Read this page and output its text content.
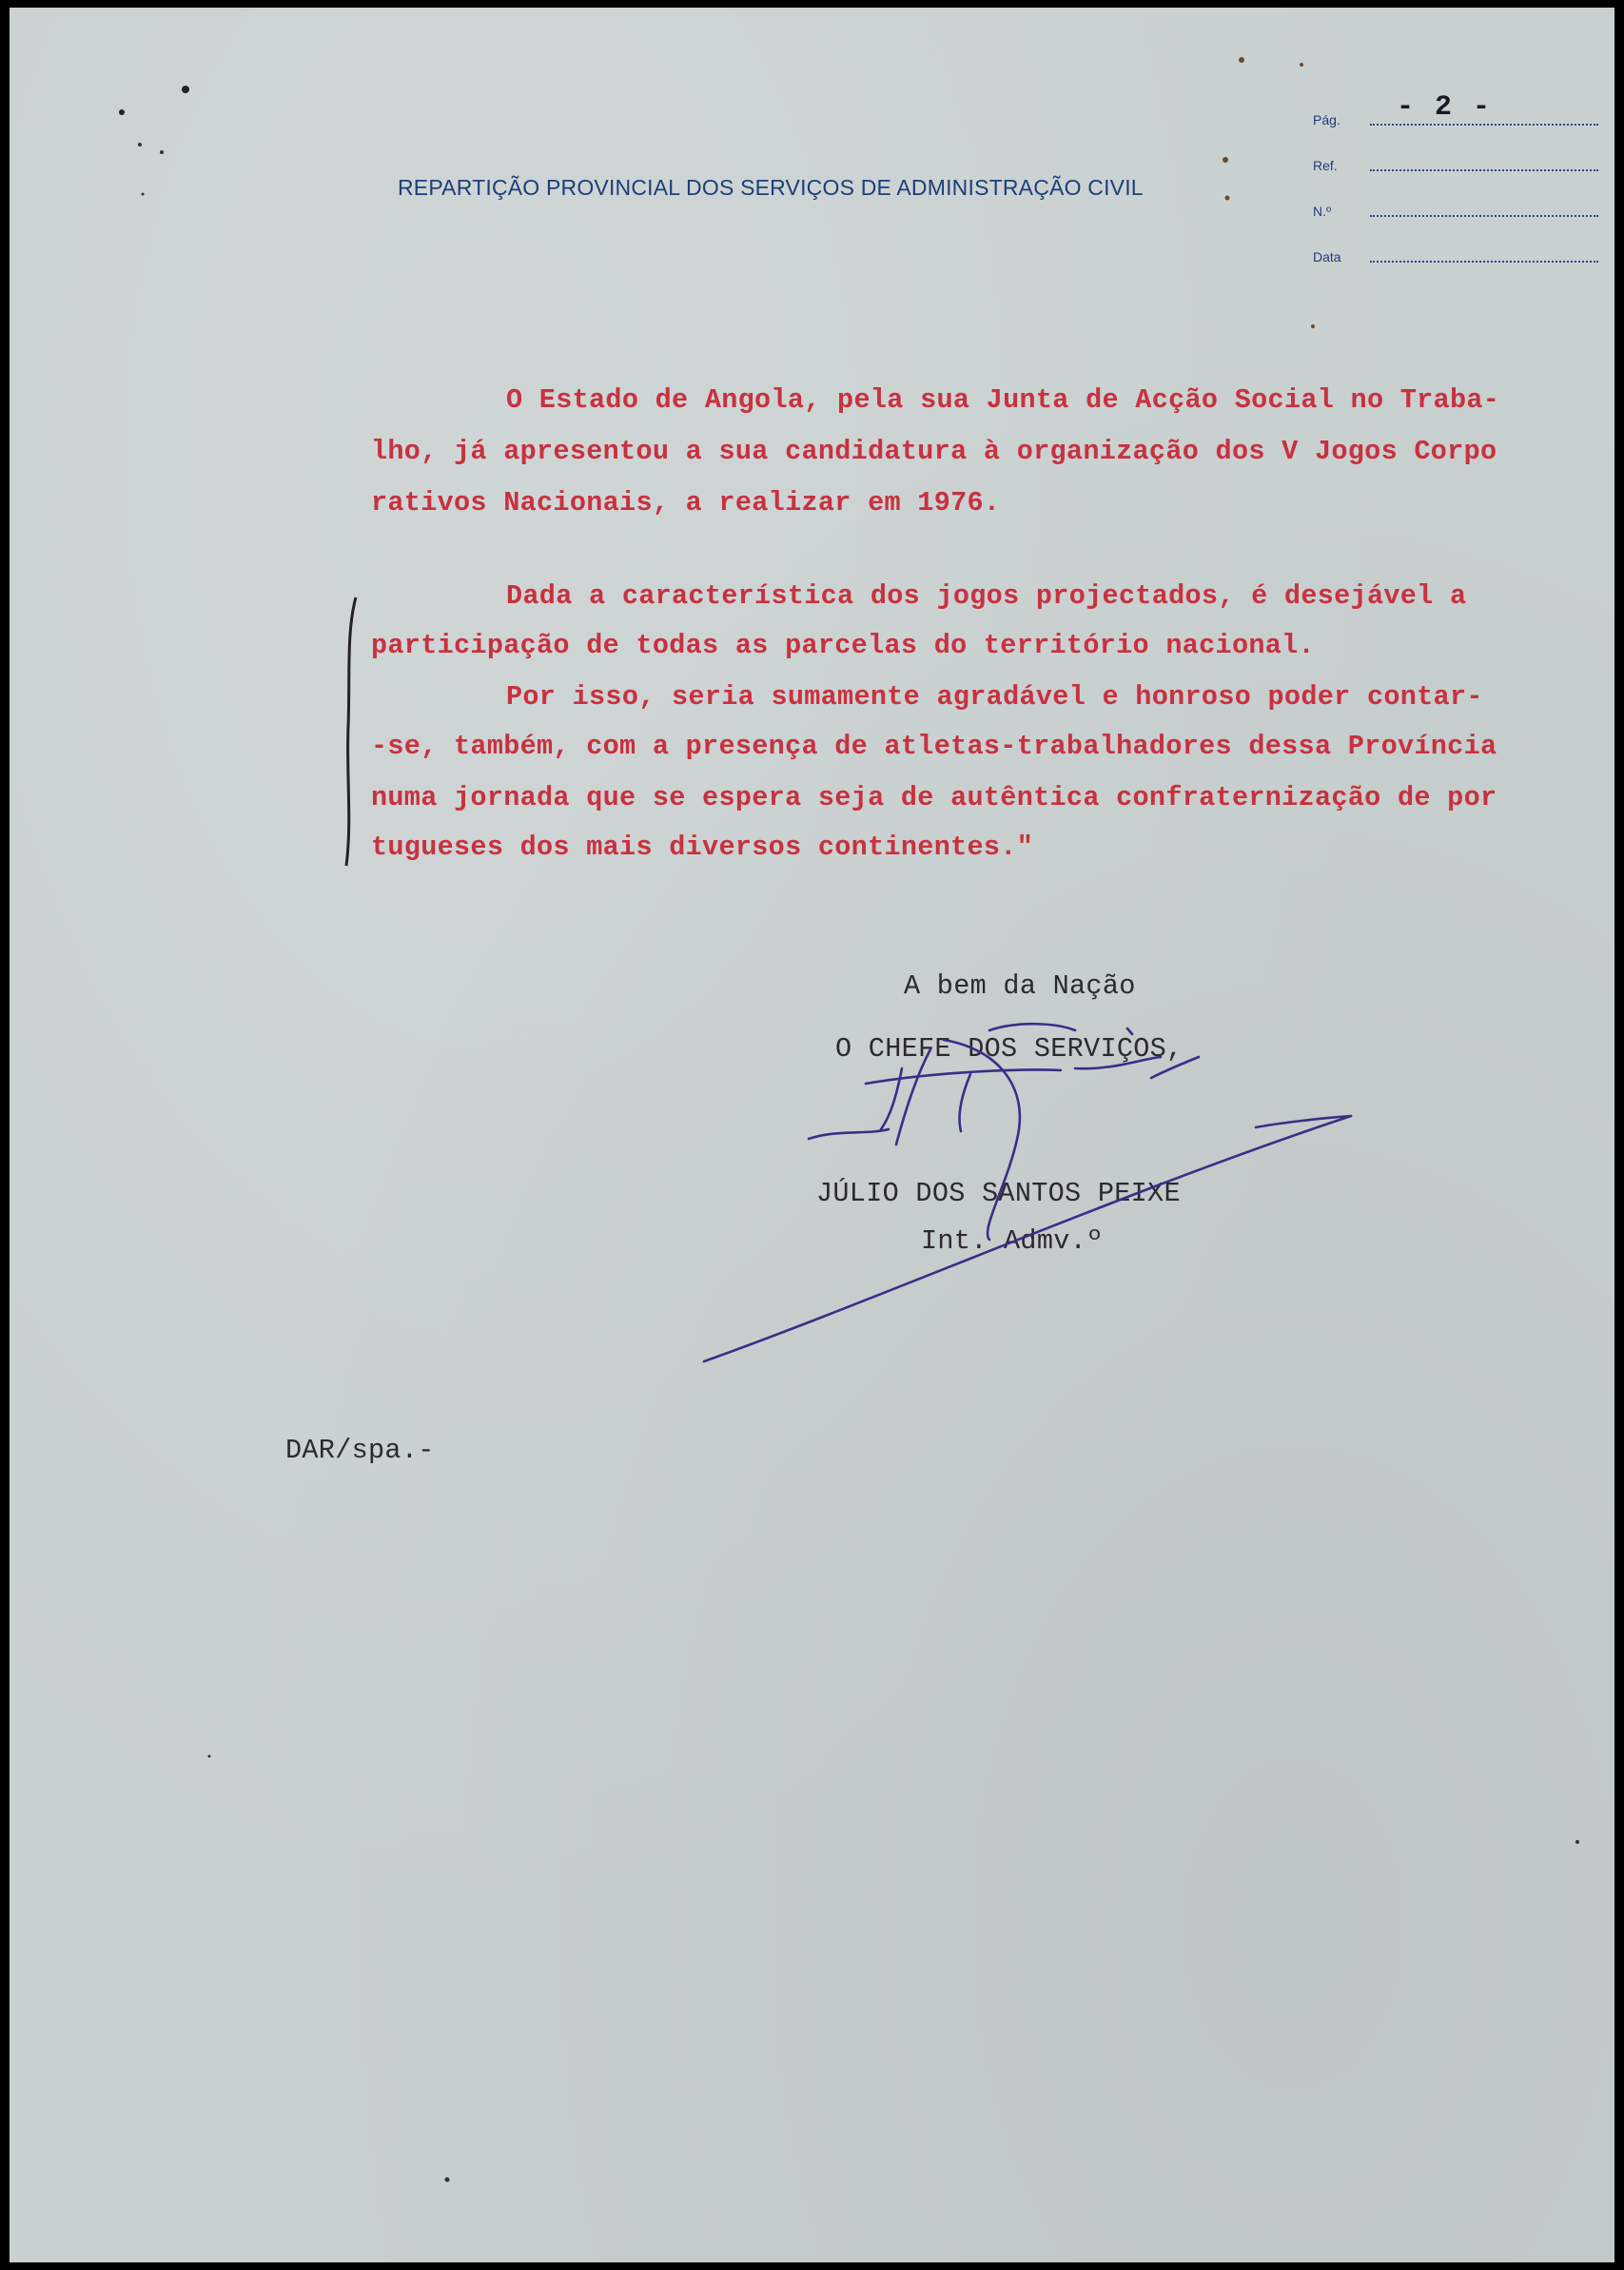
REPARTIÇÃO PROVINCIAL DOS SERVIÇOS DE ADMINISTRAÇÃO CIVIL
Pág. - 2 -
Ref.
N.º
Data
O Estado de Angola, pela sua Junta de Acção Social no Traba-
lho, já apresentou a sua candidatura à organização dos V Jogos Corpo
rativos Nacionais, a realizar em 1976.
Dada a característica dos jogos projectados, é desejável a
participação de todas as parcelas do território nacional.
Por isso, seria sumamente agradável e honroso poder contar-
-se, também, com a presença de atletas-trabalhadores dessa Província
numa jornada que se espera seja de autêntica confraternização de por
tugueses dos mais diversos continentes."
A bem da Nação
O CHEFE DOS SERVIÇOS,
JÚLIO DOS SANTOS PEIXE
Int. Admv.º
DAR/spa.-
